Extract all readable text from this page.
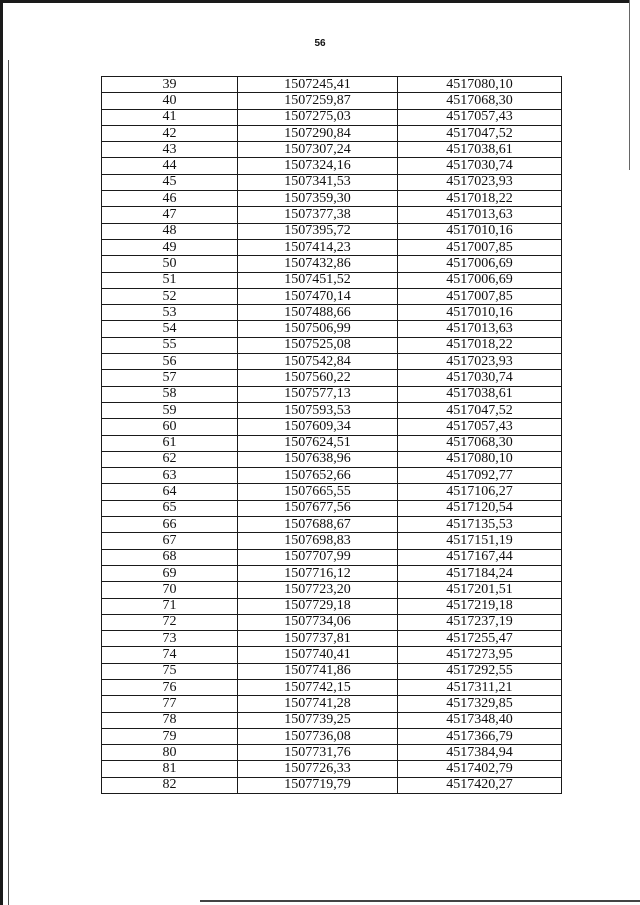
56
39	1507245,41	4517080,10
40	1507259,87	4517068,30
41	1507275,03	4517057,43
42	1507290,84	4517047,52
43	1507307,24	4517038,61
44	1507324,16	4517030,74
45	1507341,53	4517023,93
46	1507359,30	4517018,22
47	1507377,38	4517013,63
48	1507395,72	4517010,16
49	1507414,23	4517007,85
50	1507432,86	4517006,69
51	1507451,52	4517006,69
52	1507470,14	4517007,85
53	1507488,66	4517010,16
54	1507506,99	4517013,63
55	1507525,08	4517018,22
56	1507542,84	4517023,93
57	1507560,22	4517030,74
58	1507577,13	4517038,61
59	1507593,53	4517047,52
60	1507609,34	4517057,43
61	1507624,51	4517068,30
62	1507638,96	4517080,10
63	1507652,66	4517092,77
64	1507665,55	4517106,27
65	1507677,56	4517120,54
66	1507688,67	4517135,53
67	1507698,83	4517151,19
68	1507707,99	4517167,44
69	1507716,12	4517184,24
70	1507723,20	4517201,51
71	1507729,18	4517219,18
72	1507734,06	4517237,19
73	1507737,81	4517255,47
74	1507740,41	4517273,95
75	1507741,86	4517292,55
76	1507742,15	4517311,21
77	1507741,28	4517329,85
78	1507739,25	4517348,40
79	1507736,08	4517366,79
80	1507731,76	4517384,94
81	1507726,33	4517402,79
82	1507719,79	4517420,27
